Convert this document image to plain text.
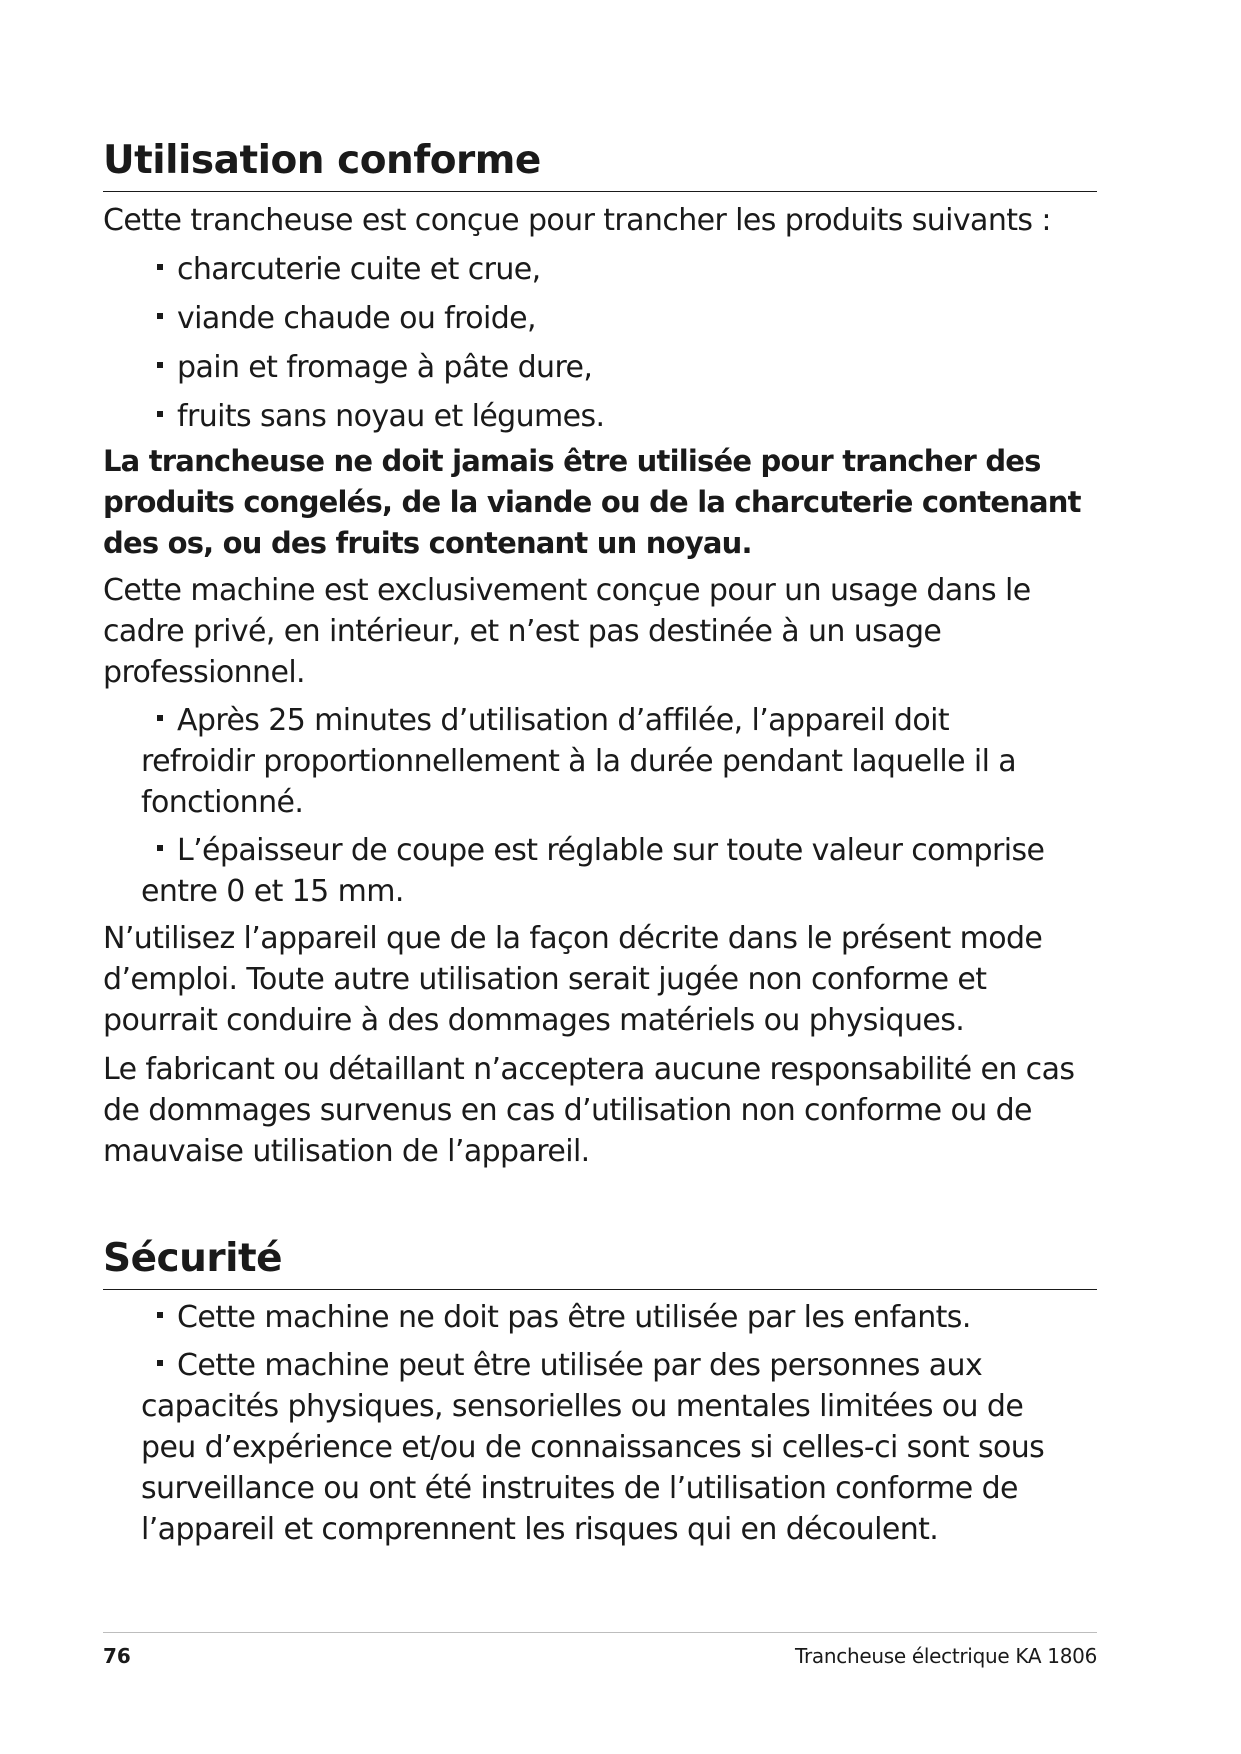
Utilisation conforme

Cette trancheuse est conçue pour trancher les produits suivants :

charcuterie cuite et crue,
viande chaude ou froide,
pain et fromage à pâte dure,
fruits sans noyau et légumes.

La trancheuse ne doit jamais être utilisée pour trancher des produits congelés, de la viande ou de la charcuterie contenant des os, ou des fruits contenant un noyau.

Cette machine est exclusivement conçue pour un usage dans le cadre privé, en intérieur, et n’est pas destinée à un usage professionnel.

Après 25 minutes d’utilisation d’affilée, l’appareil doit refroidir proportionnellement à la durée pendant laquelle il a fonctionné.
L’épaisseur de coupe est réglable sur toute valeur comprise entre 0 et 15 mm.

N’utilisez l’appareil que de la façon décrite dans le présent mode d’emploi. Toute autre utilisation serait jugée non conforme et pourrait conduire à des dommages matériels ou physiques.

Le fabricant ou détaillant n’acceptera aucune responsabilité en cas de dommages survenus en cas d’utilisation non conforme ou de mauvaise utilisation de l’appareil.

Sécurité
Cette machine ne doit pas être utilisée par les enfants.
Cette machine peut être utilisée par des personnes aux capacités physiques, sensorielles ou mentales limitées ou de peu d’expérience et/ou de connaissances si celles-ci sont sous surveillance ou ont été instruites de l’utilisation conforme de l’appareil et comprennent les risques qui en découlent.
76	Trancheuse électrique KA 1806
